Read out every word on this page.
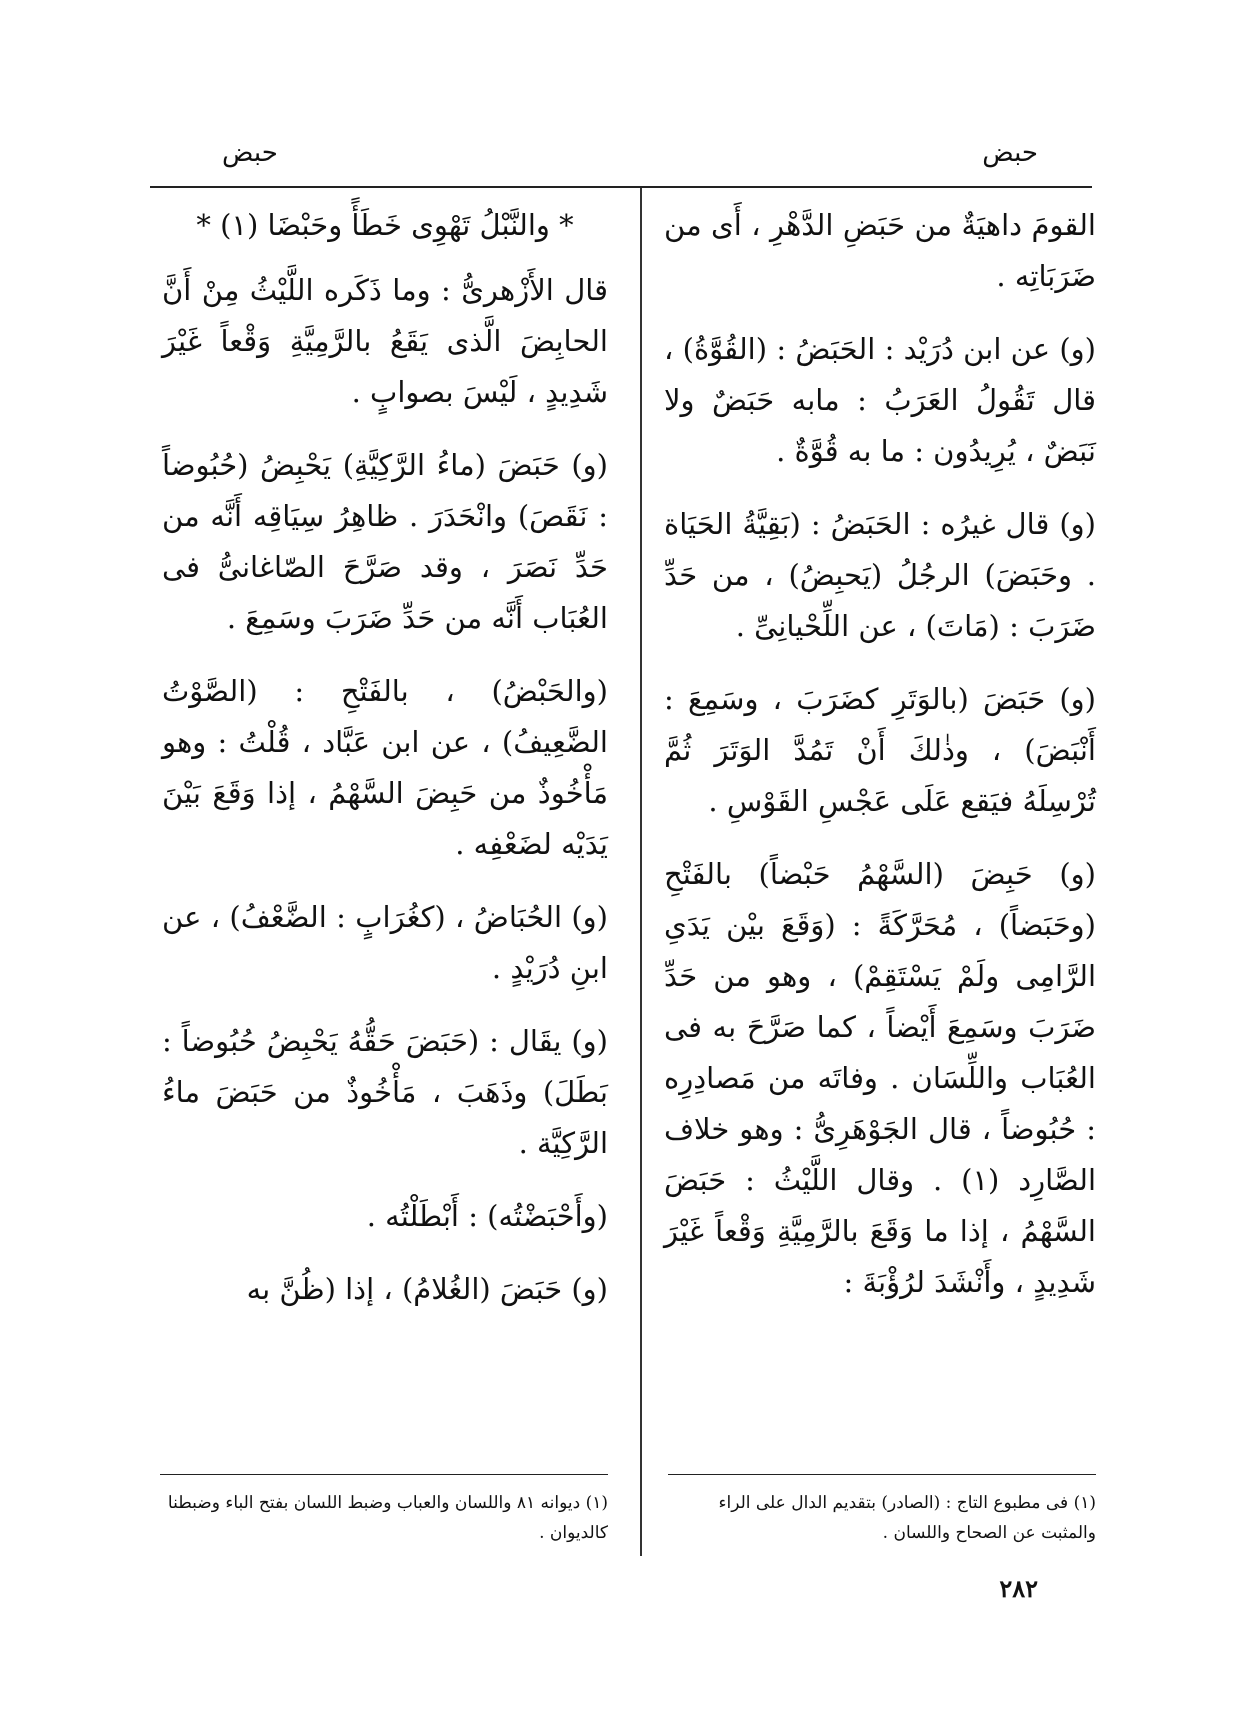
حبض
حبض

القومَ داهيَةٌ من حَبَضِ الدَّهْرِ ، أَى من ضَرَبَاتِه .

(و) عن ابن دُرَيْد : الحَبَضُ : (القُوَّةُ) ، قال تَقُولُ العَرَبُ : مابه حَبَضٌ ولا نَبَضٌ ، يُرِيدُون : ما به قُوَّةٌ .

(و) قال غيرُه : الحَبَضُ : (بَقِيَّةُ الحَيَاة . وحَبَضَ) الرجُلُ (يَحبِضُ) ، من حَدِّ ضَرَبَ : (مَاتَ) ، عن اللِّحْيانِىِّ .

(و) حَبَضَ (بالوَتَرِ كضَرَبَ ، وسَمِعَ : أَنْبَضَ) ، وذٰلكَ أَنْ تَمُدَّ الوَتَرَ ثُمَّ تُرْسِلَهُ فيَقع عَلَى عَجْسِ القَوْسِ .

(و) حَبِضَ (السَّهْمُ حَبْضاً) بالفَتْحِ (وحَبَضاً) ، مُحَرَّكَةً : (وَقَعَ بيْن يَدَىِ الرَّامِى ولَمْ يَسْتَقِمْ) ، وهو من حَدِّ ضَرَبَ وسَمِعَ أَيْضاً ، كما صَرَّحَ به فى العُبَاب واللِّسَان . وفاتَه من مَصادِرِه : حُبُوضاً ، قال الجَوْهَرِىُّ : وهو خلاف الصَّارِد (١) . وقال اللَّيْثُ : حَبَضَ السَّهْمُ ، إذا ما وَقَعَ بالرَّمِيَّةِ وَقْعاً غَيْرَ شَدِيدٍ ، وأَنْشَدَ لرُؤْبَةَ :

* والنَّبْلُ تَهْوِى خَطَأً وحَبْضَا (١) *

قال الأَزْهرىُّ : وما ذَكَره اللَّيْثُ مِنْ أَنَّ الحابِضَ الَّذى يَقَعُ بالرَّمِيَّةِ وَقْعاً غَيْرَ شَدِيدٍ ، لَيْسَ بصوابٍ .

(و) حَبَضَ (ماءُ الرَّكِيَّةِ) يَحْبِضُ (حُبُوضاً : نَقَصَ) وانْحَدَرَ . ظاهِرُ سِيَاقِه أَنَّه من حَدِّ نَصَرَ ، وقد صَرَّحَ الصّاغانىُّ فى العُبَاب أَنَّه من حَدِّ ضَرَبَ وسَمِعَ .

(والحَبْضُ) ، بالفَتْحِ : (الصَّوْتُ الضَّعِيفُ) ، عن ابن عَبَّاد ، قُلْتُ : وهو مَأْخُوذٌ من حَبِضَ السَّهْمُ ، إذا وَقَعَ بَيْنَ يَدَيْه لضَعْفِه .

(و) الحُبَاضُ ، (كغُرَابٍ : الضَّعْفُ) ، عن ابنِ دُرَيْدٍ .

(و) يقَال : (حَبَضَ حَقُّهُ يَحْبِضُ حُبُوضاً : بَطَلَ) وذَهَبَ ، مَأْخُوذٌ من حَبَضَ ماءُ الرَّكِيَّة .

(وأَحْبَضْتُه) : أَبْطَلْتُه .

(و) حَبَضَ (الغُلامُ) ، إذا (ظُنَّ به

(١) فى مطبوع التاج : (الصادر) بتقديم الدال على الراء والمثبت عن الصحاح واللسان .
(١) ديوانه ٨١ واللسان والعباب وضبط اللسان بفتح الباء وضبطنا كالديوان .
٢٨٢
